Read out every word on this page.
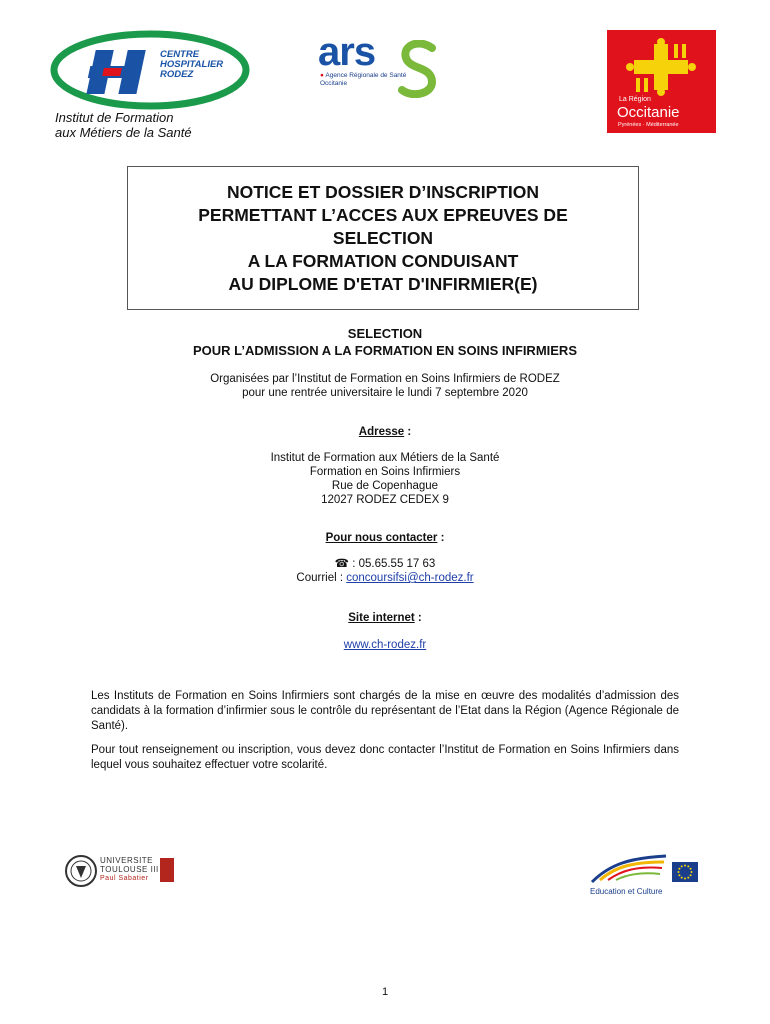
CENTRE
HOSPITALIER
RODEZ
Institut de Formation
aux Métiers de la Santé
ars
● Agence Régionale de Santé
Occitanie
La Région
Occitanie
Pyrénées · Méditerranée
NOTICE ET DOSSIER D’INSCRIPTION
PERMETTANT L’ACCES AUX EPREUVES DE
SELECTION
A LA FORMATION CONDUISANT
AU DIPLOME D'ETAT D'INFIRMIER(E)
SELECTION
POUR L’ADMISSION A LA FORMATION EN SOINS INFIRMIERS
Organisées par l’Institut de Formation en Soins Infirmiers de RODEZ
pour une rentrée universitaire le lundi 7 septembre 2020
Adresse :
Institut de Formation aux Métiers de la Santé
Formation en Soins Infirmiers
Rue de Copenhague
12027 RODEZ CEDEX 9
Pour nous contacter :
☎ : 05.65.55 17 63
Courriel : concoursifsi@ch-rodez.fr
Site internet :
www.ch-rodez.fr
Les Instituts de Formation en Soins Infirmiers sont chargés de la mise en œuvre des modalités d’admission des candidats à la formation d’infirmier sous le contrôle du représentant de l’Etat dans la Région (Agence Régionale de Santé).
Pour tout renseignement ou inscription, vous devez donc contacter l’Institut de Formation en Soins Infirmiers dans lequel vous souhaitez effectuer votre scolarité.
UNIVERSITE
TOULOUSE III
Paul Sabatier
Education et Culture
1
